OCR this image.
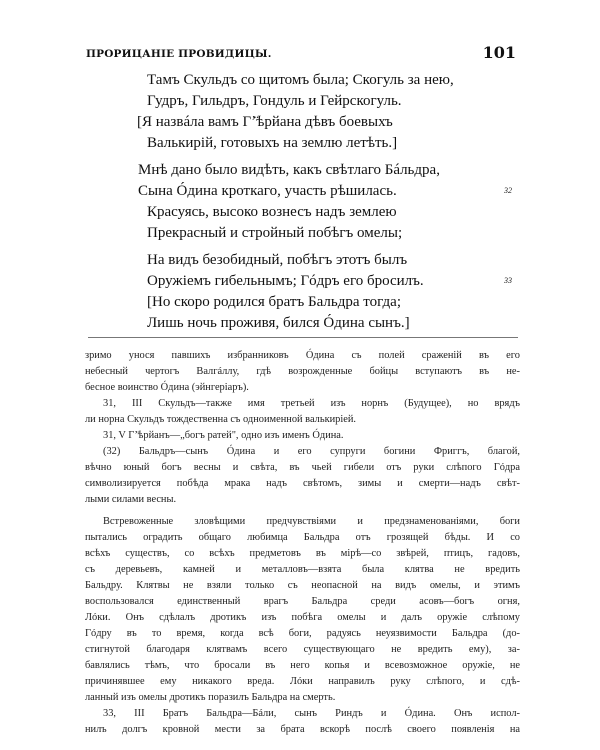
ПРОРИЦАНІЕ ПРОВИДИЦЫ.	101
Тамъ Скульдъ со щитомъ была; Скогуль за нею,
Гудръ, Гильдръ, Гондуль и Гейрскогуль.
[Я назвáла вамъ Гʼ̈ѣрйана дѣвъ боевыхъ
Валькирій, готовыхъ на землю летѣть.]
Мнѣ дано было видѣть, какъ свѣтлаго Бáльдра,
Сына Óдина кроткаго, участь рѣшилась.
Красуясь, высоко вознесъ надъ землею
Прекрасный и стройный побѣгъ омелы;
32
На видъ безобидный, побѣгъ этотъ былъ
Оружіемъ гибельнымъ; Гóдръ его бросилъ.
[Но скоро родился братъ Бальдра тогда;
Лишь ночь проживя, бился Óдина сынъ.]
33
зримо унося павшихъ избранниковъ Óдина съ полей сраженій въ его
небесный чертогъ Валгáллу, гдѣ возрожденные бойцы вступаютъ въ не-
бесное воинство Óдина (эйнгеріаръ).
31, III Скульдъ—также имя третьей изъ норнъ (Будущее), но врядъ
ли норна Скульдъ тождественна съ одноименной валькиріей.
31, V Гʼ̈ѣрйанъ—„богъ ратей", одно изъ именъ Óдина.
(32) Бальдръ—сынъ Óдина и его супруги богини Фриггъ, благой,
вѣчно юный богъ весны и свѣта, въ чьей гибели отъ руки слѣпого Гóдра
символизируется побѣда мрака надъ свѣтомъ, зимы и смерти—надъ свѣт-
лыми силами весны.
Встревоженные зловѣщими предчувствіями и предзнаменованіями, боги
пытались оградить общаго любимца Бальдра отъ грозящей бѣды. И со
всѣхъ существъ, со всѣхъ предметовъ въ мірѣ—со звѣрей, птицъ, гадовъ,
съ деревьевъ, камней и металловъ—взята была клятва не вредить
Бальдру. Клятвы не взяли только съ неопасной на видъ омелы, и этимъ
воспользовался единственный врагъ Бальдра среди асовъ—богъ огня,
Лóки. Онъ сдѣлалъ дротикъ изъ побѣга омелы и далъ оружіе слѣпому
Гóдру въ то время, когда всѣ боги, радуясь неуязвимости Бальдра (до-
стигнутой благодаря клятвамъ всего существующаго не вредить ему), за-
бавлялись тѣмъ, что бросали въ него копья и всевозможное оружіе, не
причинявшее ему никакого вреда. Лóки направилъ руку слѣпого, и сдѣ-
ланный изъ омелы дротикъ поразилъ Бальдра на смерть.
33, III Братъ Бальдра—Бáли, сынъ Риндъ и Óдина. Онъ испол-
нилъ долгъ кровной мести за брата вскорѣ послѣ своего появленія на
